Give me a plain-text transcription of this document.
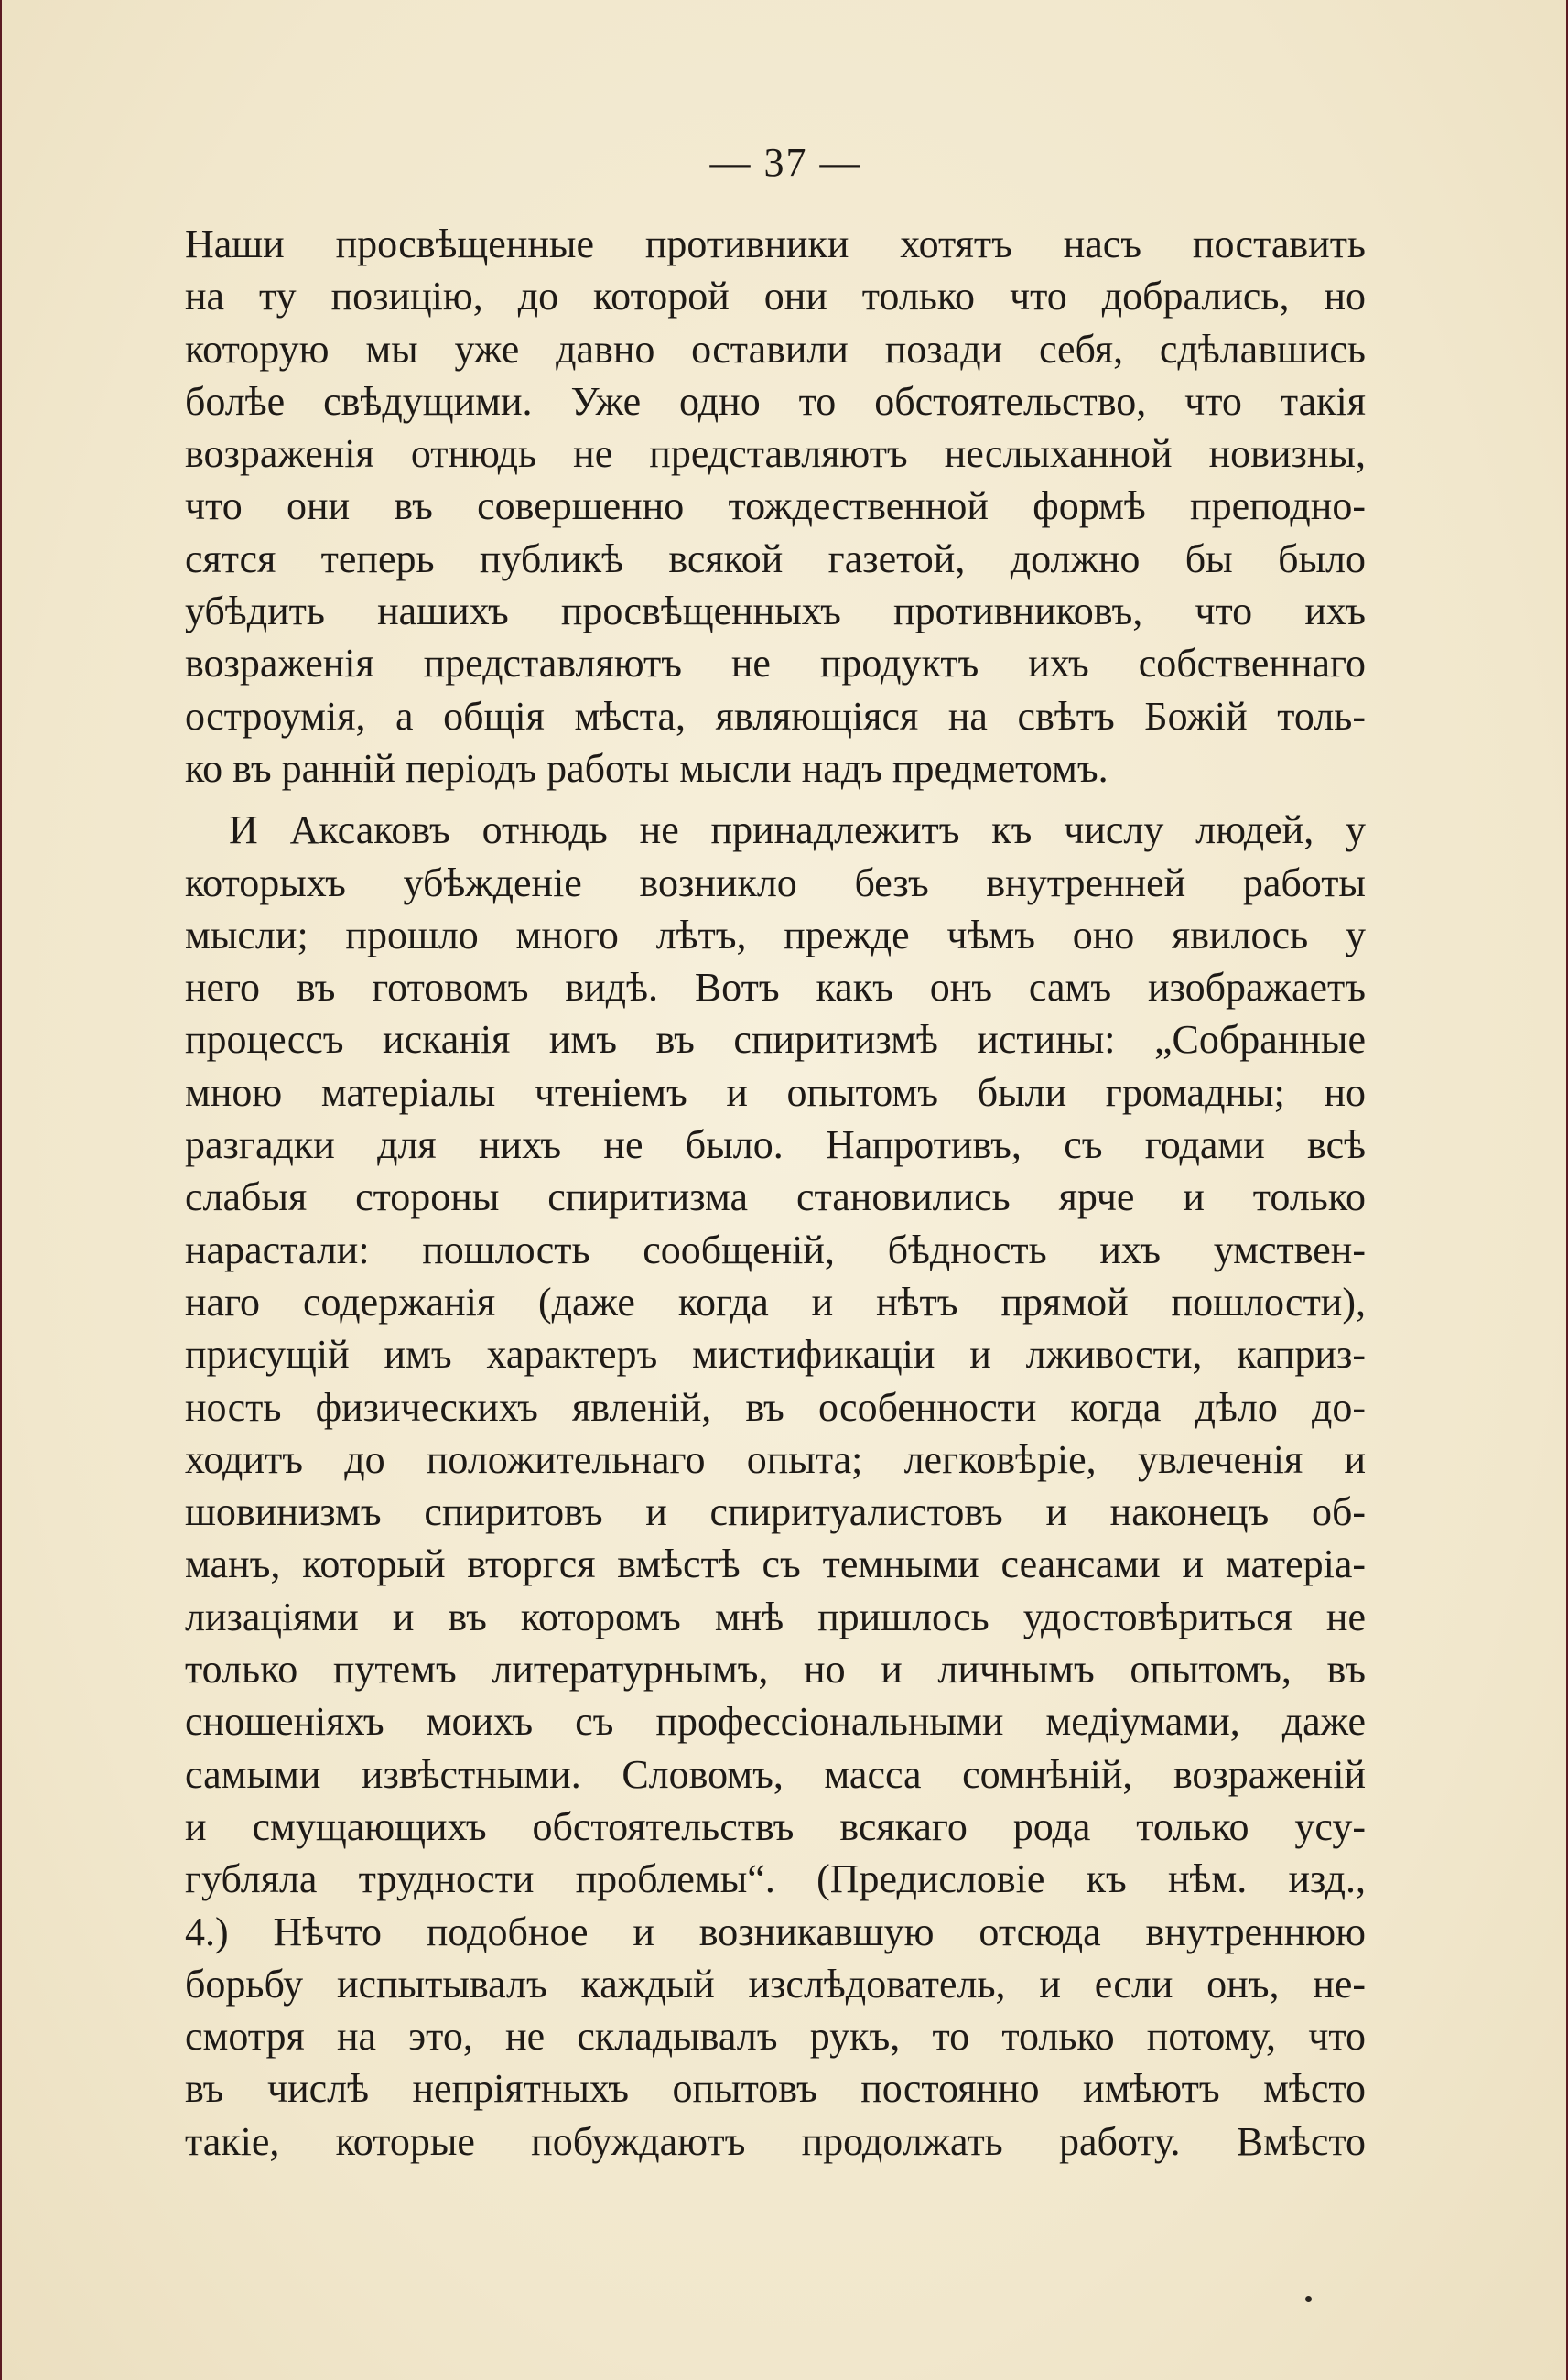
— 37 —
Наши просвѣщенные противники хотятъ насъ поставить
на ту позицію, до которой они только что добрались, но
которую мы уже давно оставили позади себя, сдѣлавшись
болѣе свѣдущими. Уже одно то обстоятельство, что такія
возраженія отнюдь не представляютъ неслыханной новизны,
что они въ совершенно тождественной формѣ преподно-
сятся теперь публикѣ всякой газетой, должно бы было
убѣдить нашихъ просвѣщенныхъ противниковъ, что ихъ
возраженія представляютъ не продуктъ ихъ собственнаго
остроумія, а общія мѣста, являющіяся на свѣтъ Божій толь-
ко въ ранній періодъ работы мысли надъ предметомъ.
И Аксаковъ отнюдь не принадлежитъ къ числу людей, у
которыхъ убѣжденіе возникло безъ внутренней работы
мысли; прошло много лѣтъ, прежде чѣмъ оно явилось у
него въ готовомъ видѣ. Вотъ какъ онъ самъ изображаетъ
процессъ исканія имъ въ спиритизмѣ истины: „Собранные
мною матеріалы чтеніемъ и опытомъ были громадны; но
разгадки для нихъ не было. Напротивъ, съ годами всѣ
слабыя стороны спиритизма становились ярче и только
нарастали: пошлость сообщеній, бѣдность ихъ умствен-
наго содержанія (даже когда и нѣтъ прямой пошлости),
присущій имъ характеръ мистификаціи и лживости, каприз-
ность физическихъ явленій, въ особенности когда дѣло до-
ходитъ до положительнаго опыта; легковѣріе, увлеченія и
шовинизмъ спиритовъ и спиритуалистовъ и наконецъ об-
манъ, который вторгся вмѣстѣ съ темными сеансами и матеріа-
лизаціями и въ которомъ мнѣ пришлось удостовѣриться не
только путемъ литературнымъ, но и личнымъ опытомъ, въ
сношеніяхъ моихъ съ профессіональными медіумами, даже
самыми извѣстными. Словомъ, масса сомнѣній, возраженій
и смущающихъ обстоятельствъ всякаго рода только усу-
губляла трудности проблемы“. (Предисловіе къ нѣм. изд.,
4.) Нѣчто подобное и возникавшую отсюда внутреннюю
борьбу испытывалъ каждый изслѣдователь, и если онъ, не-
смотря на это, не складывалъ рукъ, то только потому, что
въ числѣ непріятныхъ опытовъ постоянно имѣютъ мѣсто
такіе, которые побуждаютъ продолжать работу. Вмѣсто
